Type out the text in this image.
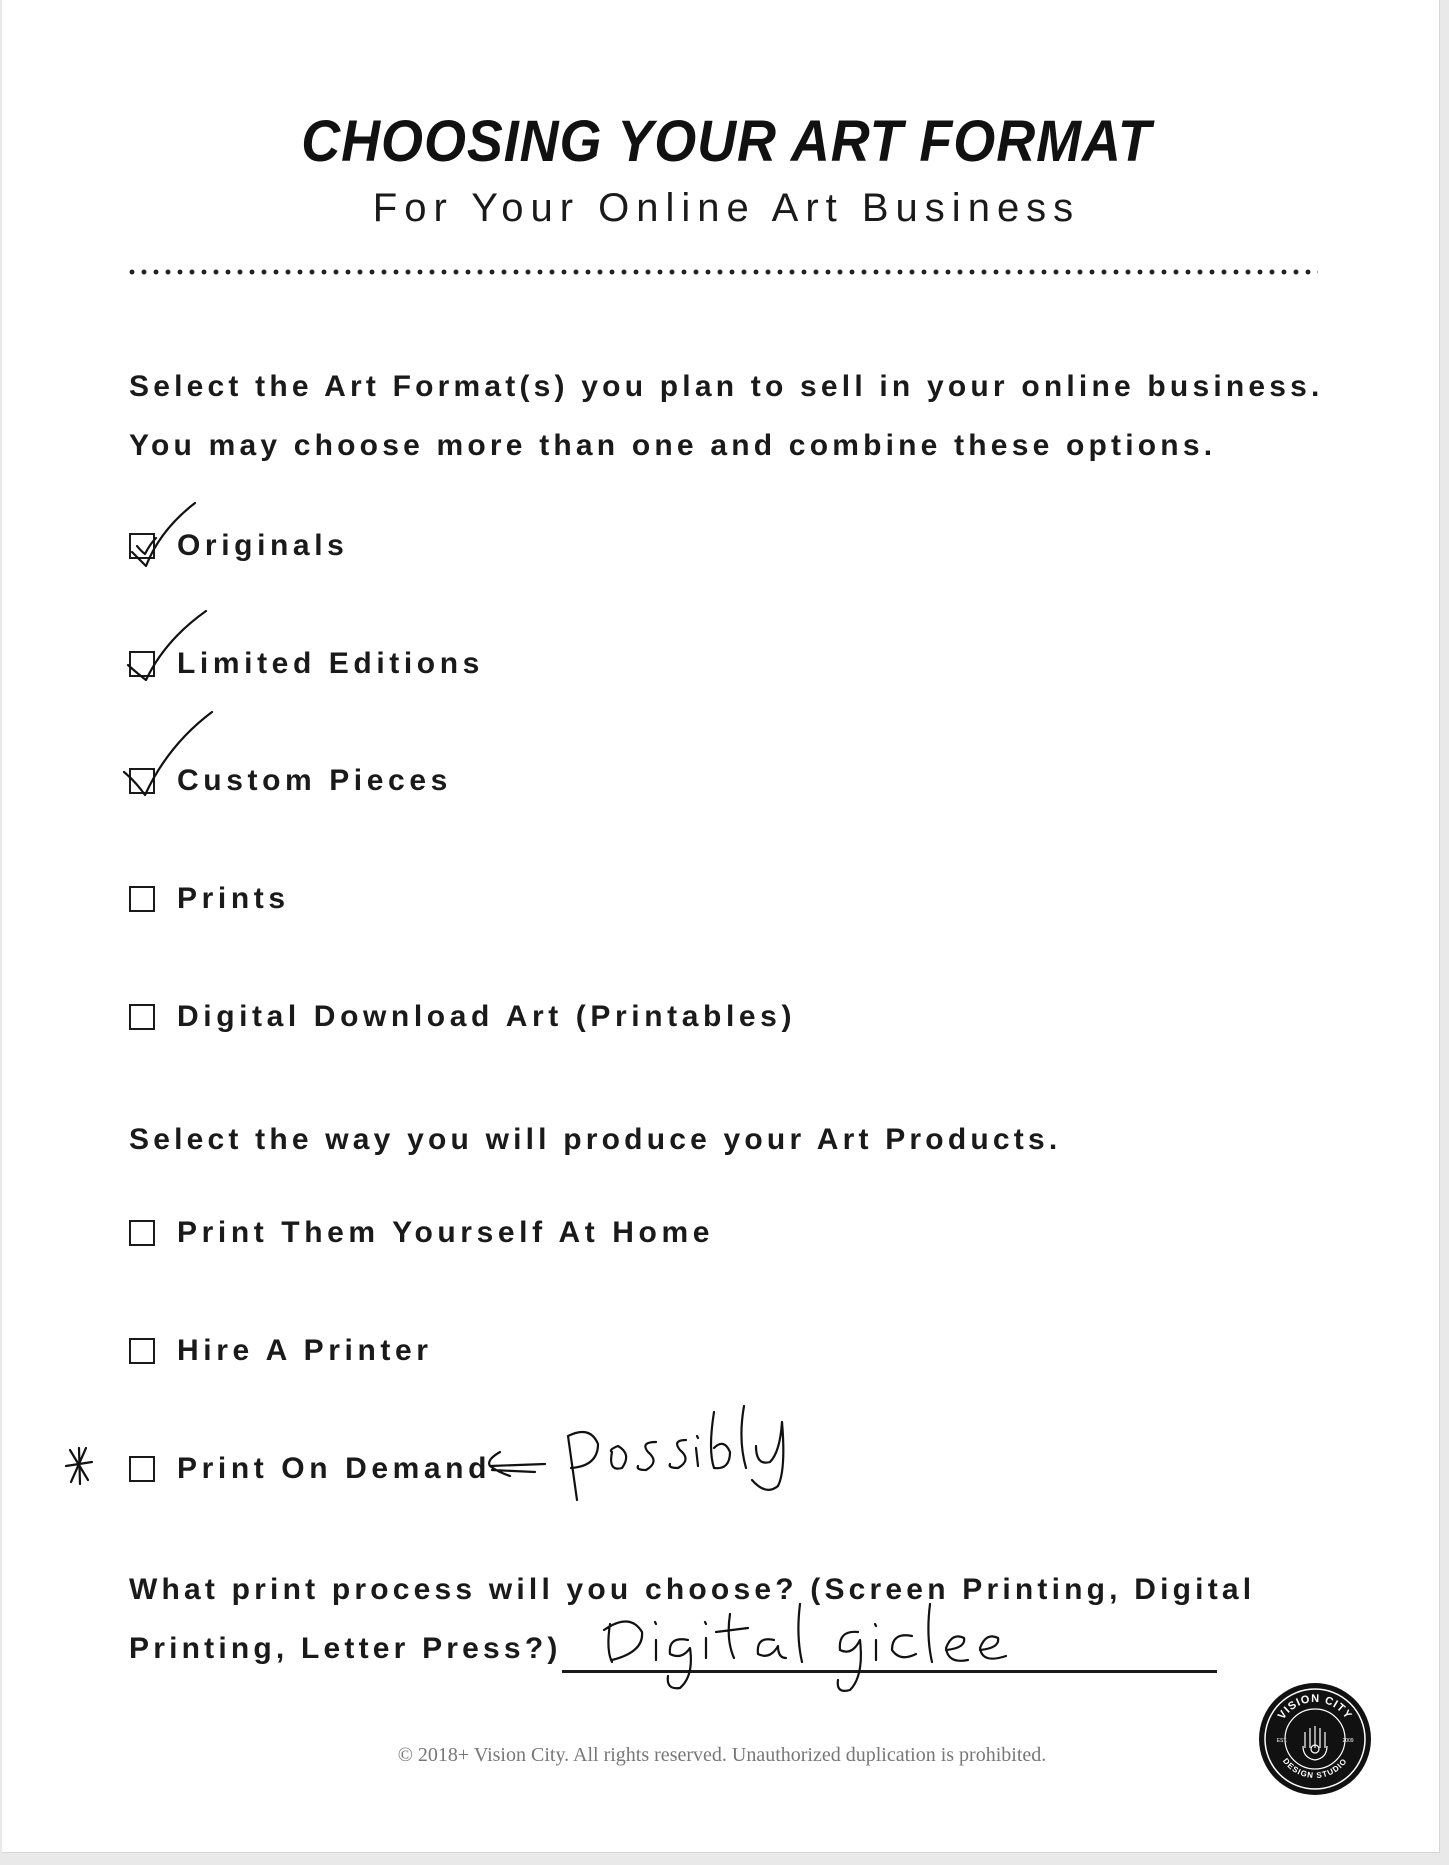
CHOOSING YOUR ART FORMAT
For Your Online Art Business
Select the Art Format(s) you plan to sell in your online business.
You may choose more than one and combine these options.
Originals
Limited Editions
Custom Pieces
Prints
Digital Download Art (Printables)
Select the way you will produce your Art Products.
Print Them Yourself At Home
Hire A Printer
Print On Demand
What print process will you choose? (Screen Printing, Digital
Printing, Letter Press?)
© 2018+ Vision City. All rights reserved. Unauthorized duplication is prohibited.
VISION CITY
DESIGN STUDIO
EST.	2009
